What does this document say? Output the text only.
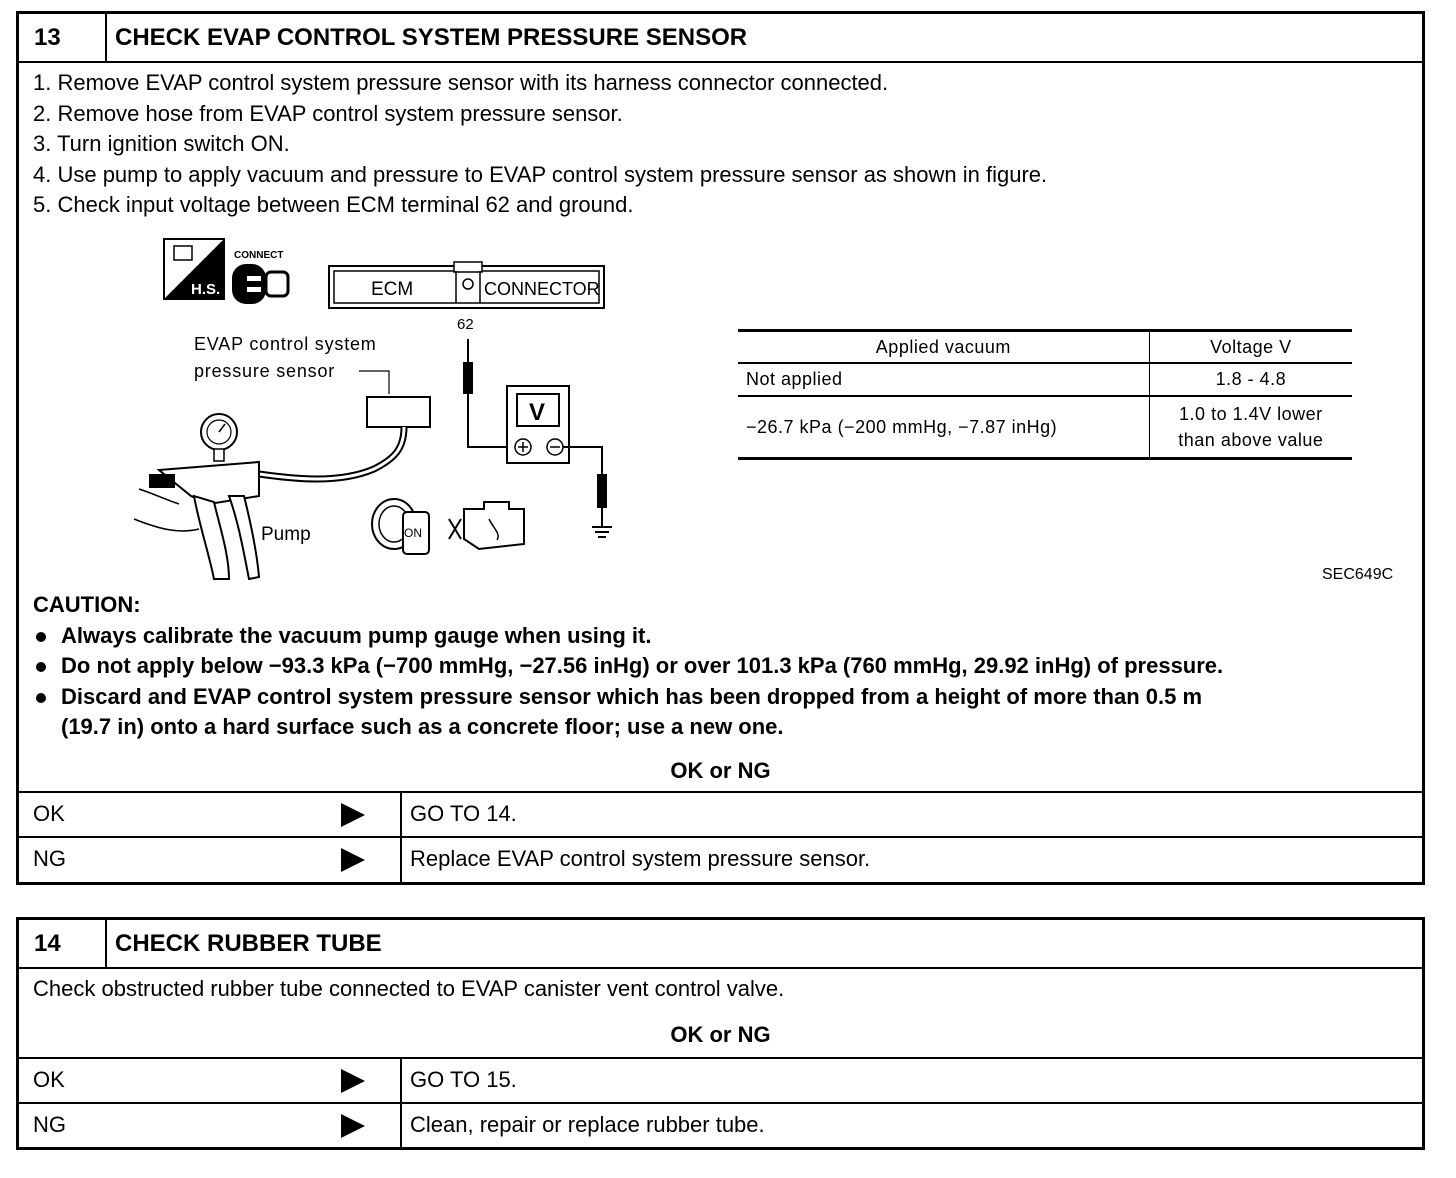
13	CHECK EVAP CONTROL SYSTEM PRESSURE SENSOR
1. Remove EVAP control system pressure sensor with its harness connector connected.
2. Remove hose from EVAP control system pressure sensor.
3. Turn ignition switch ON.
4. Use pump to apply vacuum and pressure to EVAP control system pressure sensor as shown in figure.
5. Check input voltage between ECM terminal 62 and ground.
H.S.
CONNECT
ECM	CONNECTOR
62
EVAP control system
pressure sensor
Pump
V
ON
Applied vacuum	Voltage V
Not applied	1.8 - 4.8
−26.7 kPa (−200 mmHg, −7.87 inHg)	1.0 to 1.4V lower
than above value
SEC649C
CAUTION:
Always calibrate the vacuum pump gauge when using it.
Do not apply below −93.3 kPa (−700 mmHg, −27.56 inHg) or over 101.3 kPa (760 mmHg, 29.92 inHg) of pressure.
Discard and EVAP control system pressure sensor which has been dropped from a height of more than 0.5 m
(19.7 in) onto a hard surface such as a concrete floor; use a new one.
OK or NG
OK	GO TO 14.
NG	Replace EVAP control system pressure sensor.
14	CHECK RUBBER TUBE
Check obstructed rubber tube connected to EVAP canister vent control valve.
OK or NG
OK	GO TO 15.
NG	Clean, repair or replace rubber tube.
